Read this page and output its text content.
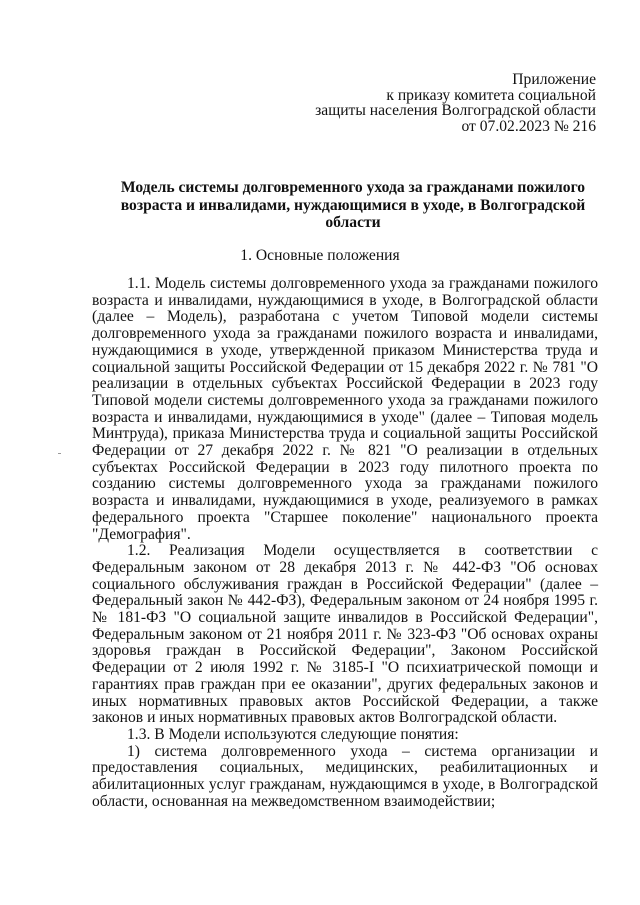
Приложение
к приказу комитета социальной
защиты населения Волгоградской области
от 07.02.2023 № 216
Модель системы долговременного ухода за гражданами пожилого возраста и инвалидами, нуждающимися в уходе, в Волгоградской области
1. Основные положения

1.1. Модель системы долговременного ухода за гражданами пожилого возраста и инвалидами, нуждающимися в уходе, в Волгоградской области (далее – Модель), разработана с учетом Типовой модели системы долговременного ухода за гражданами пожилого возраста и инвалидами, нуждающимися в уходе, утвержденной приказом Министерства труда и социальной защиты Российской Федерации от 15 декабря 2022 г. № 781 "О реализации в отдельных субъектах Российской Федерации в 2023 году Типовой модели системы долговременного ухода за гражданами пожилого возраста и инвалидами, нуждающимися в уходе" (далее – Типовая модель Минтруда), приказа Министерства труда и социальной защиты Российской Федерации от 27 декабря 2022 г. № 821 "О реализации в отдельных субъектах Российской Федерации в 2023 году пилотного проекта по созданию системы долговременного ухода за гражданами пожилого возраста и инвалидами, нуждающимися в уходе, реализуемого в рамках федерального проекта "Старшее поколение" национального проекта "Демография".

1.2. Реализация Модели осуществляется в соответствии с Федеральным законом от 28 декабря 2013 г. № 442-ФЗ "Об основах социального обслуживания граждан в Российской Федерации" (далее – Федеральный закон № 442-ФЗ), Федеральным законом от 24 ноября 1995 г. № 181-ФЗ "О социальной защите инвалидов в Российской Федерации", Федеральным законом от 21 ноября 2011 г. № 323-ФЗ "Об основах охраны здоровья граждан в Российской Федерации", Законом Российской Федерации от 2 июля 1992 г. № 3185-I "О психиатрической помощи и гарантиях прав граждан при ее оказании", других федеральных законов и иных нормативных правовых актов Российской Федерации, а также законов и иных нормативных правовых актов Волгоградской области.

1.3. В Модели используются следующие понятия:

1) система долговременного ухода – система организации и предоставления социальных, медицинских, реабилитационных и абилитационных услуг гражданам, нуждающимся в уходе, в Волгоградской области, основанная на межведомственном взаимодействии;
